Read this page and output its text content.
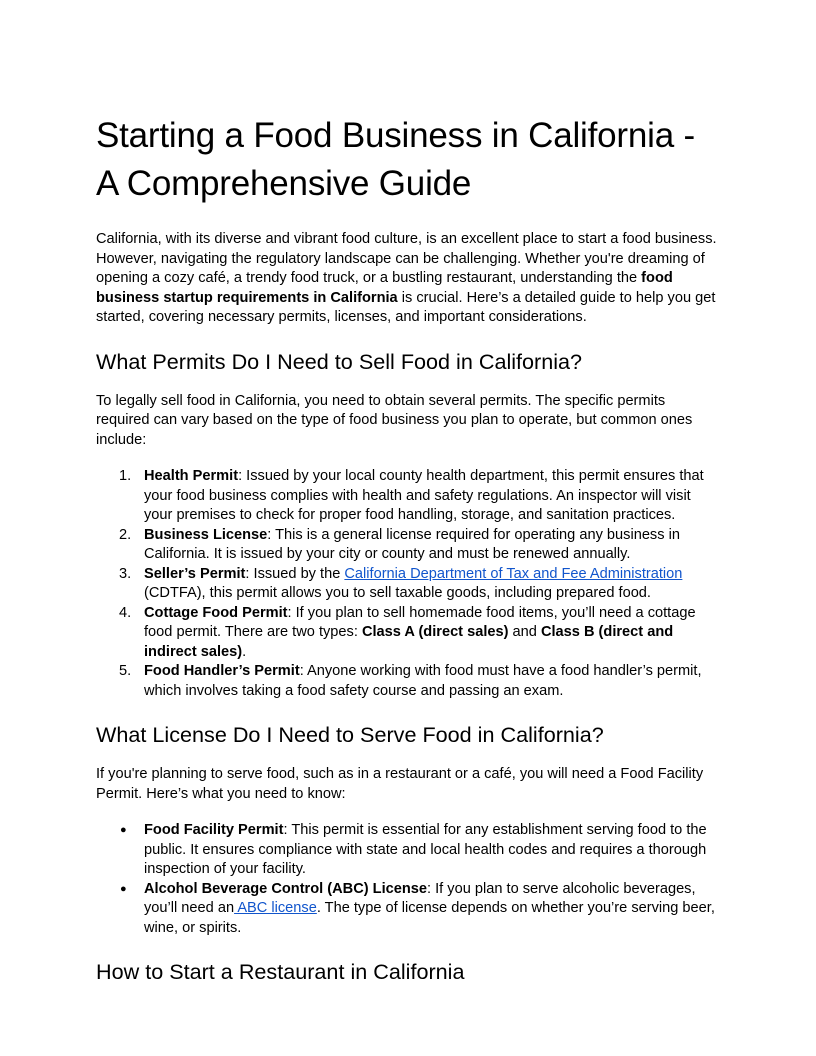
Starting a Food Business in California - A Comprehensive Guide

California, with its diverse and vibrant food culture, is an excellent place to start a food business. However, navigating the regulatory landscape can be challenging. Whether you're dreaming of opening a cozy café, a trendy food truck, or a bustling restaurant, understanding the food business startup requirements in California is crucial. Here’s a detailed guide to help you get started, covering necessary permits, licenses, and important considerations.

What Permits Do I Need to Sell Food in California?

To legally sell food in California, you need to obtain several permits. The specific permits required can vary based on the type of food business you plan to operate, but common ones include:

1. Health Permit: Issued by your local county health department, this permit ensures that your food business complies with health and safety regulations. An inspector will visit your premises to check for proper food handling, storage, and sanitation practices.
2. Business License: This is a general license required for operating any business in California. It is issued by your city or county and must be renewed annually.
3. Seller’s Permit: Issued by the California Department of Tax and Fee Administration (CDTFA), this permit allows you to sell taxable goods, including prepared food.
4. Cottage Food Permit: If you plan to sell homemade food items, you’ll need a cottage food permit. There are two types: Class A (direct sales) and Class B (direct and indirect sales).
5. Food Handler’s Permit: Anyone working with food must have a food handler’s permit, which involves taking a food safety course and passing an exam.
What License Do I Need to Serve Food in California?

If you're planning to serve food, such as in a restaurant or a café, you will need a Food Facility Permit. Here’s what you need to know:

● Food Facility Permit: This permit is essential for any establishment serving food to the public. It ensures compliance with state and local health codes and requires a thorough inspection of your facility.
● Alcohol Beverage Control (ABC) License: If you plan to serve alcoholic beverages, you’ll need an ABC license. The type of license depends on whether you’re serving beer, wine, or spirits.
How to Start a Restaurant in California
